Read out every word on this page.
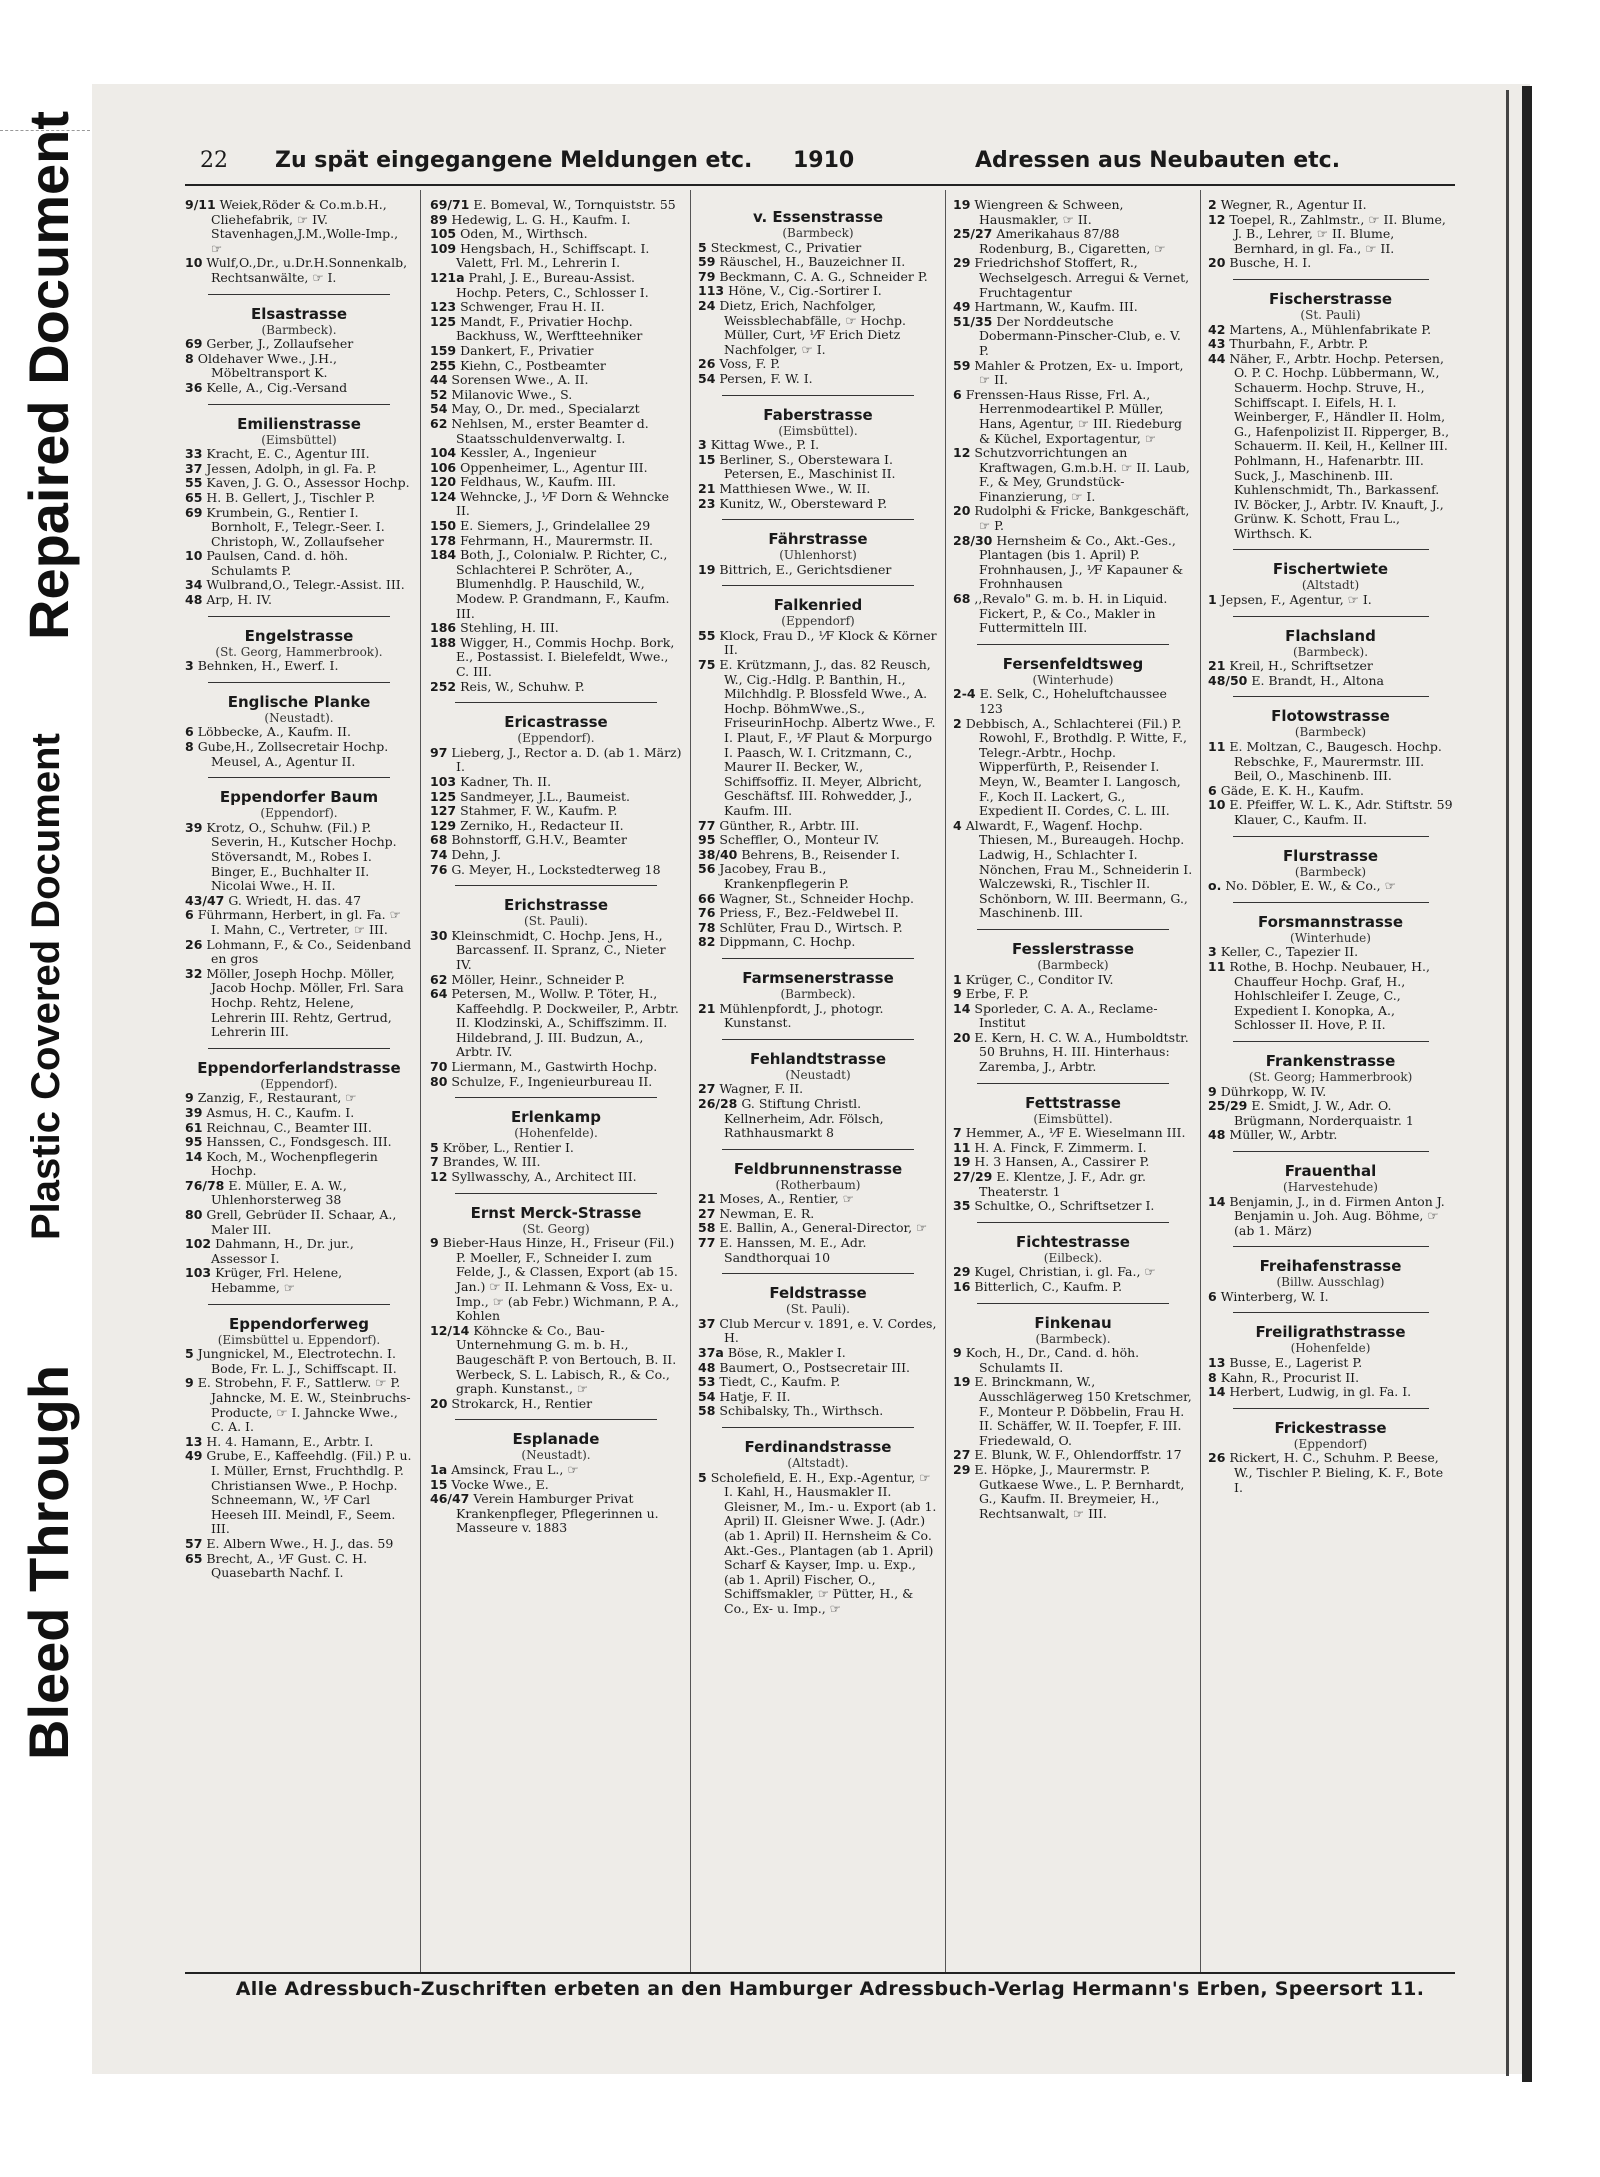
Bleed Through
Plastic Covered Document
Repaired Document	22 Zu spät eingegangene Meldungen etc. 1910	Adressen aus Neubauten etc.
9/11 Weiek,Röder & Co.m.b.H., Cliehefabrik, ☞ IV. Stavenhagen,J.M.,Wolle-Imp., ☞
10 Wulf,O.,Dr., u.Dr.H.Sonnenkalb, Rechtsanwälte, ☞ I.
Elsastrasse
(Barmbeck).
69 Gerber, J., Zollaufseher
8 Oldehaver Wwe., J.H., Möbeltransport K.
36 Kelle, A., Cig.-Versand
Emilienstrasse
(Eimsbüttel)
33 Kracht, E. C., Agentur III.
37 Jessen, Adolph, in gl. Fa. P.
55 Kaven, J. G. O., Assessor Hochp.
65 H. B. Gellert, J., Tischler P.
69 Krumbein, G., Rentier I. Bornholt, F., Telegr.-Seer. I. Christoph, W., Zollaufseher
10 Paulsen, Cand. d. höh. Schulamts P.
34 Wulbrand,O., Telegr.-Assist. III.
48 Arp, H. IV.
Engelstrasse
(St. Georg, Hammerbrook).
3 Behnken, H., Ewerf. I.
Englische Planke
(Neustadt).
6 Löbbecke, A., Kaufm. II.
8 Gube,H., Zollsecretair Hochp. Meusel, A., Agentur II.
Eppendorfer Baum
(Eppendorf).
39 Krotz, O., Schuhw. (Fil.) P. Severin, H., Kutscher Hochp. Stöversandt, M., Robes I. Binger, E., Buchhalter II. Nicolai Wwe., H. II.
43/47 G. Wriedt, H. das. 47
6 Führmann, Herbert, in gl. Fa. ☞ I. Mahn, C., Vertreter, ☞ III.
26 Lohmann, F., & Co., Seidenband en gros
32 Möller, Joseph Hochp. Möller, Jacob Hochp. Möller, Frl. Sara Hochp. Rehtz, Helene, Lehrerin III. Rehtz, Gertrud, Lehrerin III.
Eppendorferlandstrasse
(Eppendorf).
9 Zanzig, F., Restaurant, ☞
39 Asmus, H. C., Kaufm. I.
61 Reichnau, C., Beamter III.
95 Hanssen, C., Fondsgesch. III.
14 Koch, M., Wochenpflegerin Hochp.
76/78 E. Müller, E. A. W., Uhlenhorsterweg 38
80 Grell, Gebrüder II. Schaar, A., Maler III.
102 Dahmann, H., Dr. jur., Assessor I.
103 Krüger, Frl. Helene, Hebamme, ☞
Eppendorferweg
(Eimsbüttel u. Eppendorf).
5 Jungnickel, M., Electrotechn. I. Bode, Fr. L. J., Schiffscapt. II.
9 E. Strobehn, F. F., Sattlerw. ☞ P. Jahncke, M. E. W., Steinbruchs-Producte, ☞ I. Jahncke Wwe., C. A. I.
13 H. 4. Hamann, E., Arbtr. I.
49 Grube, E., Kaffeehdlg. (Fil.) P. u. I. Müller, Ernst, Fruchthdlg. P. Christiansen Wwe., P. Hochp. Schneemann, W., ⅟F Carl Heeseh III. Meindl, F., Seem. III.
57 E. Albern Wwe., H. J., das. 59
65 Brecht, A., ⅟F Gust. C. H. Quasebarth Nachf. I.
69/71 E. Bomeval, W., Tornquiststr. 55
89 Hedewig, L. G. H., Kaufm. I.
105 Oden, M., Wirthsch.
109 Hengsbach, H., Schiffscapt. I. Valett, Frl. M., Lehrerin I.
121a Prahl, J. E., Bureau-Assist. Hochp. Peters, C., Schlosser I.
123 Schwenger, Frau H. II.
125 Mandt, F., Privatier Hochp. Backhuss, W., Werftteehniker
159 Dankert, F., Privatier
255 Kiehn, C., Postbeamter
44 Sorensen Wwe., A. II.
52 Milanovic Wwe., S.
54 May, O., Dr. med., Specialarzt
62 Nehlsen, M., erster Beamter d. Staatsschuldenverwaltg. I.
104 Kessler, A., Ingenieur
106 Oppenheimer, L., Agentur III.
120 Feldhaus, W., Kaufm. III.
124 Wehncke, J., ⅟F Dorn & Wehncke II.
150 E. Siemers, J., Grindelallee 29
178 Fehrmann, H., Maurermstr. II.
184 Both, J., Colonialw. P. Richter, C., Schlachterei P. Schröter, A., Blumenhdlg. P. Hauschild, W., Modew. P. Grandmann, F., Kaufm. III.
186 Stehling, H. III.
188 Wigger, H., Commis Hochp. Bork, E., Postassist. I. Bielefeldt, Wwe., C. III.
252 Reis, W., Schuhw. P.
Ericastrasse
(Eppendorf).
97 Lieberg, J., Rector a. D. (ab 1. März) I.
103 Kadner, Th. II.
125 Sandmeyer, J.L., Baumeist.
127 Stahmer, F. W., Kaufm. P.
129 Zerniko, H., Redacteur II.
68 Bohnstorff, G.H.V., Beamter
74 Dehn, J.
76 G. Meyer, H., Lockstedterweg 18
Erichstrasse
(St. Pauli).
30 Kleinschmidt, C. Hochp. Jens, H., Barcassenf. II. Spranz, C., Nieter IV.
62 Möller, Heinr., Schneider P.
64 Petersen, M., Wollw. P. Töter, H., Kaffeehdlg. P. Dockweiler, P., Arbtr. II. Klodzinski, A., Schiffszimm. II. Hildebrand, J. III. Budzun, A., Arbtr. IV.
70 Liermann, M., Gastwirth Hochp.
80 Schulze, F., Ingenieurbureau II.
Erlenkamp
(Hohenfelde).
5 Kröber, L., Rentier I.
7 Brandes, W. III.
12 Syllwasschy, A., Architect III.
Ernst Merck-Strasse
(St. Georg)
9 Bieber-Haus Hinze, H., Friseur (Fil.) P. Moeller, F., Schneider I. zum Felde, J., & Classen, Export (ab 15. Jan.) ☞ II. Lehmann & Voss, Ex- u. Imp., ☞ (ab Febr.) Wichmann, P. A., Kohlen
12/14 Köhncke & Co., Bau-Unternehmung G. m. b. H., Baugeschäft P. von Bertouch, B. II. Werbeck, S. L. Labisch, R., & Co., graph. Kunstanst., ☞
20 Strokarck, H., Rentier
Esplanade
(Neustadt).
1a Amsinck, Frau L., ☞
15 Vocke Wwe., E.
46/47 Verein Hamburger Privat Krankenpfleger, Pflegerinnen u. Masseure v. 1883
v. Essenstrasse
(Barmbeck)
5 Steckmest, C., Privatier
59 Räuschel, H., Bauzeichner II.
79 Beckmann, C. A. G., Schneider P.
113 Höne, V., Cig.-Sortirer I.
24 Dietz, Erich, Nachfolger, Weissblechabfälle, ☞ Hochp. Müller, Curt, ⅟F Erich Dietz Nachfolger, ☞ I.
26 Voss, F. P.
54 Persen, F. W. I.
Faberstrasse
(Eimsbüttel).
3 Kittag Wwe., P. I.
15 Berliner, S., Oberstewara I. Petersen, E., Maschinist II.
21 Matthiesen Wwe., W. II.
23 Kunitz, W., Obersteward P.
Fährstrasse
(Uhlenhorst)
19 Bittrich, E., Gerichtsdiener
Falkenried
(Eppendorf)
55 Klock, Frau D., ⅟F Klock & Körner II.
75 E. Krützmann, J., das. 82 Reusch, W., Cig.-Hdlg. P. Banthin, H., Milchhdlg. P. Blossfeld Wwe., A. Hochp. BöhmWwe.,S., FriseurinHochp. Albertz Wwe., F. I. Plaut, F., ⅟F Plaut & Morpurgo I. Paasch, W. I. Critzmann, C., Maurer II. Becker, W., Schiffsoffiz. II. Meyer, Albricht, Geschäftsf. III. Rohwedder, J., Kaufm. III.
77 Günther, R., Arbtr. III.
95 Scheffler, O., Monteur IV.
38/40 Behrens, B., Reisender I.
56 Jacobey, Frau B., Krankenpflegerin P.
66 Wagner, St., Schneider Hochp.
76 Priess, F., Bez.-Feldwebel II.
78 Schlüter, Frau D., Wirtsch. P.
82 Dippmann, C. Hochp.
Farmsenerstrasse
(Barmbeck).
21 Mühlenpfordt, J., photogr. Kunstanst.
Fehlandtstrasse
(Neustadt)
27 Wagner, F. II.
26/28 G. Stiftung Christl. Kellnerheim, Adr. Fölsch, Rathhausmarkt 8
Feldbrunnenstrasse
(Rotherbaum)
21 Moses, A., Rentier, ☞
27 Newman, E. R.
58 E. Ballin, A., General-Director, ☞
77 E. Hanssen, M. E., Adr. Sandthorquai 10
Feldstrasse
(St. Pauli).
37 Club Mercur v. 1891, e. V. Cordes, H.
37a Böse, R., Makler I.
48 Baumert, O., Postsecretair III.
53 Tiedt, C., Kaufm. P.
54 Hatje, F. II.
58 Schibalsky, Th., Wirthsch.
Ferdinandstrasse
(Altstadt).
5 Scholefield, E. H., Exp.-Agentur, ☞ I. Kahl, H., Hausmakler II. Gleisner, M., Im.- u. Export (ab 1. April) II. Gleisner Wwe. J. (Adr.) (ab 1. April) II. Hernsheim & Co. Akt.-Ges., Plantagen (ab 1. April) Scharf & Kayser, Imp. u. Exp., (ab 1. April) Fischer, O., Schiffsmakler, ☞ Pütter, H., & Co., Ex- u. Imp., ☞
19 Wiengreen & Schween, Hausmakler, ☞ II.
25/27 Amerikahaus 87/88 Rodenburg, B., Cigaretten, ☞
29 Friedrichshof Stoffert, R., Wechselgesch. Arregui & Vernet, Fruchtagentur
49 Hartmann, W., Kaufm. III.
51/35 Der Norddeutsche Dobermann-Pinscher-Club, e. V. P.
59 Mahler & Protzen, Ex- u. Import, ☞ II.
6 Frenssen-Haus Risse, Frl. A., Herrenmodeartikel P. Müller, Hans, Agentur, ☞ III. Riedeburg & Küchel, Exportagentur, ☞
12 Schutzvorrichtungen an Kraftwagen, G.m.b.H. ☞ II. Laub, F., & Mey, Grundstück-Finanzierung, ☞ I.
20 Rudolphi & Fricke, Bankgeschäft, ☞ P.
28/30 Hernsheim & Co., Akt.-Ges., Plantagen (bis 1. April) P. Frohnhausen, J., ⅟F Kapauner & Frohnhausen
68 ,,Revalo" G. m. b. H. in Liquid. Fickert, P., & Co., Makler in Futtermitteln III.
Fersenfeldtsweg
(Winterhude)
2-4 E. Selk, C., Hoheluftchaussee 123
2 Debbisch, A., Schlachterei (Fil.) P. Rowohl, F., Brothdlg. P. Witte, F., Telegr.-Arbtr., Hochp. Wipperfürth, P., Reisender I. Meyn, W., Beamter I. Langosch, F., Koch II. Lackert, G., Expedient II. Cordes, C. L. III.
4 Alwardt, F., Wagenf. Hochp. Thiesen, M., Bureaugeh. Hochp. Ladwig, H., Schlachter I. Nönchen, Frau M., Schneiderin I. Walczewski, R., Tischler II. Schönborn, W. III. Beermann, G., Maschinenb. III.
Fesslerstrasse
(Barmbeck)
1 Krüger, C., Conditor IV.
9 Erbe, F. P.
14 Sporleder, C. A. A., Reclame-Institut
20 E. Kern, H. C. W. A., Humboldtstr. 50 Bruhns, H. III. Hinterhaus: Zaremba, J., Arbtr.
Fettstrasse
(Eimsbüttel).
7 Hemmer, A., ⅟F E. Wieselmann III.
11 H. A. Finck, F. Zimmerm. I.
19 H. 3 Hansen, A., Cassirer P.
27/29 E. Klentze, J. F., Adr. gr. Theaterstr. 1
35 Schultke, O., Schriftsetzer I.
Fichtestrasse
(Eilbeck).
29 Kugel, Christian, i. gl. Fa., ☞
16 Bitterlich, C., Kaufm. P.
Finkenau
(Barmbeck).
9 Koch, H., Dr., Cand. d. höh. Schulamts II.
19 E. Brinckmann, W., Ausschlägerweg 150 Kretschmer, F., Monteur P. Döbbelin, Frau H. II. Schäffer, W. II. Toepfer, F. III. Friedewald, O.
27 E. Blunk, W. F., Ohlendorffstr. 17
29 E. Höpke, J., Maurermstr. P. Gutkaese Wwe., L. P. Bernhardt, G., Kaufm. II. Breymeier, H., Rechtsanwalt, ☞ III.
2 Wegner, R., Agentur II.
12 Toepel, R., Zahlmstr., ☞ II. Blume, J. B., Lehrer, ☞ II. Blume, Bernhard, in gl. Fa., ☞ II.
20 Busche, H. I.
Fischerstrasse
(St. Pauli)
42 Martens, A., Mühlenfabrikate P.
43 Thurbahn, F., Arbtr. P.
44 Näher, F., Arbtr. Hochp. Petersen, O. P. C. Hochp. Lübbermann, W., Schauerm. Hochp. Struve, H., Schiffscapt. I. Eifels, H. I. Weinberger, F., Händler II. Holm, G., Hafenpolizist II. Ripperger, B., Schauerm. II. Keil, H., Kellner III. Pohlmann, H., Hafenarbtr. III. Suck, J., Maschinenb. III. Kuhlenschmidt, Th., Barkassenf. IV. Böcker, J., Arbtr. IV. Knauft, J., Grünw. K. Schott, Frau L., Wirthsch. K.
Fischertwiete
(Altstadt)
1 Jepsen, F., Agentur, ☞ I.
Flachsland
(Barmbeck).
21 Kreil, H., Schriftsetzer
48/50 E. Brandt, H., Altona
Flotowstrasse
(Barmbeck)
11 E. Moltzan, C., Baugesch. Hochp. Rebschke, F., Maurermstr. III. Beil, O., Maschinenb. III.
6 Gäde, E. K. H., Kaufm.
10 E. Pfeiffer, W. L. K., Adr. Stiftstr. 59 Klauer, C., Kaufm. II.
Flurstrasse
(Barmbeck)
o. No. Döbler, E. W., & Co., ☞
Forsmannstrasse
(Winterhude)
3 Keller, C., Tapezier II.
11 Rothe, B. Hochp. Neubauer, H., Chauffeur Hochp. Graf, H., Hohlschleifer I. Zeuge, C., Expedient I. Konopka, A., Schlosser II. Hove, P. II.
Frankenstrasse
(St. Georg; Hammerbrook)
9 Dührkopp, W. IV.
25/29 E. Smidt, J. W., Adr. O. Brügmann, Norderquaistr. 1
48 Müller, W., Arbtr.
Frauenthal
(Harvestehude)
14 Benjamin, J., in d. Firmen Anton J. Benjamin u. Joh. Aug. Böhme, ☞ (ab 1. März)
Freihafenstrasse
(Billw. Ausschlag)
6 Winterberg, W. I.
Freiligrathstrasse
(Hohenfelde)
13 Busse, E., Lagerist P.
8 Kahn, R., Procurist II.
14 Herbert, Ludwig, in gl. Fa. I.
Frickestrasse
(Eppendorf)
26 Rickert, H. C., Schuhm. P. Beese, W., Tischler P. Bieling, K. F., Bote I.
Alle Adressbuch-Zuschriften erbeten an den Hamburger Adressbuch-Verlag Hermann's Erben, Speersort 11.
